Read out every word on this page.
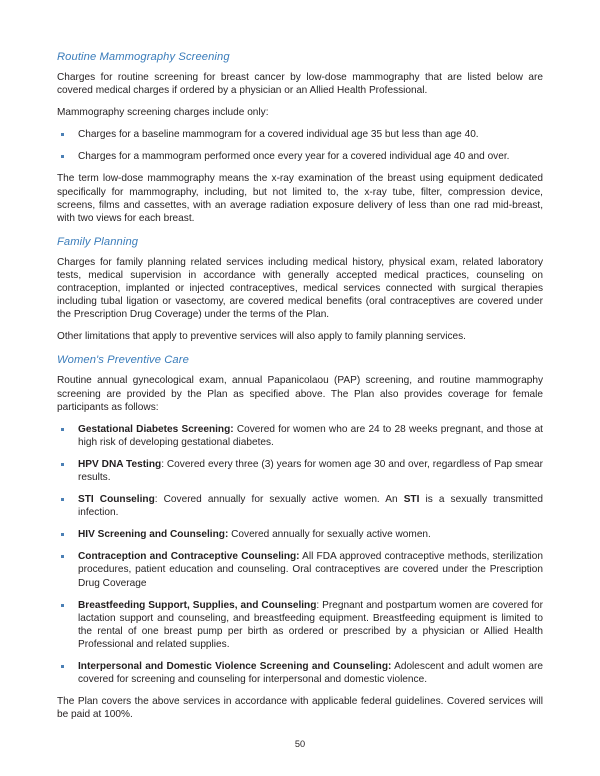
Routine Mammography Screening

Charges for routine screening for breast cancer by low-dose mammography that are listed below are covered medical charges if ordered by a physician or an Allied Health Professional.

Mammography screening charges include only:

Charges for a baseline mammogram for a covered individual age 35 but less than age 40.
Charges for a mammogram performed once every year for a covered individual age 40 and over.

The term low-dose mammography means the x-ray examination of the breast using equipment dedicated specifically for mammography, including, but not limited to, the x-ray tube, filter, compression device, screens, films and cassettes, with an average radiation exposure delivery of less than one rad mid-breast, with two views for each breast.

Family Planning

Charges for family planning related services including medical history, physical exam, related laboratory tests, medical supervision in accordance with generally accepted medical practices, counseling on contraception, implanted or injected contraceptives, medical services connected with surgical therapies including tubal ligation or vasectomy, are covered medical benefits (oral contraceptives are covered under the Prescription Drug Coverage) under the terms of the Plan.

Other limitations that apply to preventive services will also apply to family planning services.

Women's Preventive Care

Routine annual gynecological exam, annual Papanicolaou (PAP) screening, and routine mammography screening are provided by the Plan as specified above. The Plan also provides coverage for female participants as follows:

Gestational Diabetes Screening: Covered for women who are 24 to 28 weeks pregnant, and those at high risk of developing gestational diabetes.
HPV DNA Testing: Covered every three (3) years for women age 30 and over, regardless of Pap smear results.
STI Counseling: Covered annually for sexually active women. An STI is a sexually transmitted infection.
HIV Screening and Counseling: Covered annually for sexually active women.
Contraception and Contraceptive Counseling: All FDA approved contraceptive methods, sterilization procedures, patient education and counseling. Oral contraceptives are covered under the Prescription Drug Coverage
Breastfeeding Support, Supplies, and Counseling: Pregnant and postpartum women are covered for lactation support and counseling, and breastfeeding equipment. Breastfeeding equipment is limited to the rental of one breast pump per birth as ordered or prescribed by a physician or Allied Health Professional and related supplies.
Interpersonal and Domestic Violence Screening and Counseling: Adolescent and adult women are covered for screening and counseling for interpersonal and domestic violence.

The Plan covers the above services in accordance with applicable federal guidelines. Covered services will be paid at 100%.

50
